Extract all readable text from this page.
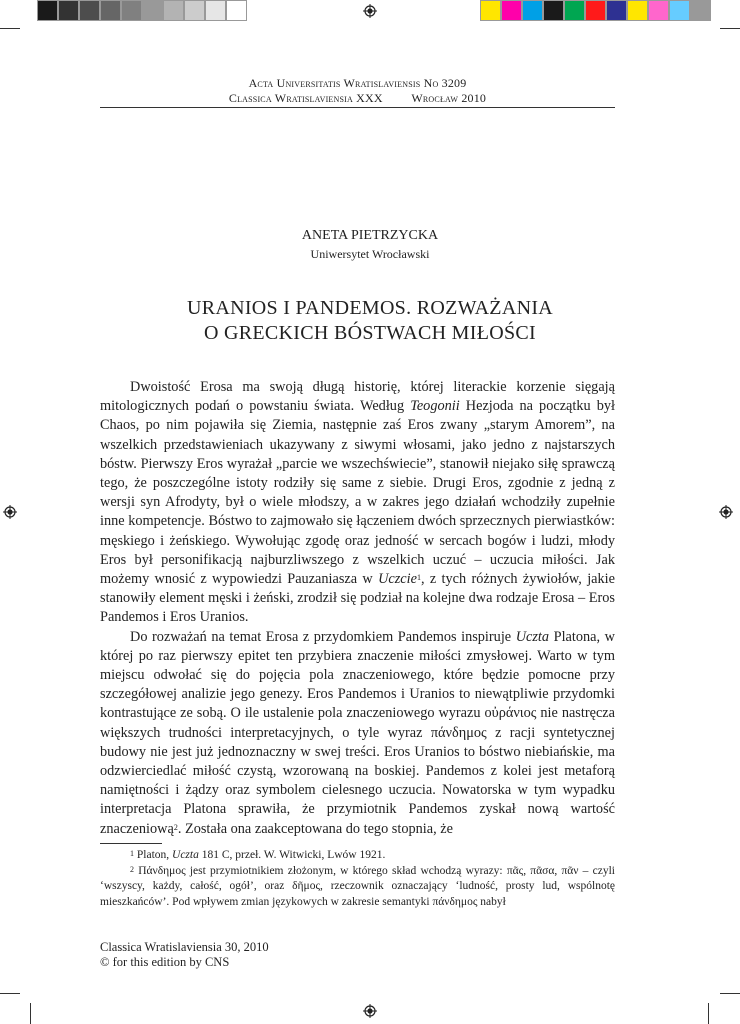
Acta Universitatis Wratislaviensis No 3209
Classica Wratislaviensia XXX         Wrocław 2010
ANETA PIETRZYCKA
Uniwersytet Wrocławski
URANIOS I PANDEMOS. ROZWAŻANIA
O GRECKICH BÓSTWACH MIŁOŚCI

Dwoistość Erosa ma swoją długą historię, której literackie korzenie sięgają mitologicznych podań o powstaniu świata. Według Teogonii Hezjoda na początku był Chaos, po nim pojawiła się Ziemia, następnie zaś Eros zwany „starym Amorem”, na wszelkich przedstawieniach ukazywany z siwymi włosami, jako jedno z najstarszych bóstw. Pierwszy Eros wyrażał „parcie we wszechświecie”, stanowił niejako siłę sprawczą tego, że poszczególne istoty rodziły się same z siebie. Drugi Eros, zgodnie z jedną z wersji syn Afrodyty, był o wiele młodszy, a w zakres jego działań wchodziły zupełnie inne kompetencje. Bóstwo to zajmowało się łączeniem dwóch sprzecznych pierwiastków: męskiego i żeńskiego. Wywołując zgodę oraz jedność w sercach bogów i ludzi, młody Eros był personifikacją najburzliwszego z wszelkich uczuć – uczucia miłości. Jak możemy wnosić z wypowiedzi Pauzaniasza w Uczcie$^1$, z tych różnych żywiołów, jakie stanowiły element męski i żeński, zrodził się podział na kolejne dwa rodzaje Erosa – Eros Pandemos i Eros Uranios.

Do rozważań na temat Erosa z przydomkiem Pandemos inspiruje Uczta Platona, w której po raz pierwszy epitet ten przybiera znaczenie miłości zmysłowej. Warto w tym miejscu odwołać się do pojęcia pola znaczeniowego, które będzie pomocne przy szczegółowej analizie jego genezy. Eros Pandemos i Uranios to niewątpliwie przydomki kontrastujące ze sobą. O ile ustalenie pola znaczeniowego wyrazu οὐράνιος nie nastręcza większych trudności interpretacyjnych, o tyle wyraz πάνδημος z racji syntetycznej budowy nie jest już jednoznaczny w swej treści. Eros Uranios to bóstwo niebiańskie, ma odzwierciedlać miłość czystą, wzorowaną na boskiej. Pandemos z kolei jest metaforą namiętności i żądzy oraz symbolem cielesnego uczucia. Nowatorska w tym wypadku interpretacja Platona sprawiła, że przymiotnik Pandemos zyskał nową wartość znaczeniową$^2$. Została ona zaakceptowana do tego stopnia, że

$^1$ Platon, Uczta 181 C, przeł. W. Witwicki, Lwów 1921.

$^2$ Πάνδημος jest przymiotnikiem złożonym, w którego skład wchodzą wyrazy: πᾶς, πᾶσα, πᾶν – czyli ‘wszyscy, każdy, całość, ogół’, oraz δῆμος, rzeczownik oznaczający ‘ludność, prosty lud, wspólnotę mieszkańców’. Pod wpływem zmian językowych w zakresie semantyki πάνδημος nabył

Classica Wratislaviensia 30, 2010
© for this edition by CNS
